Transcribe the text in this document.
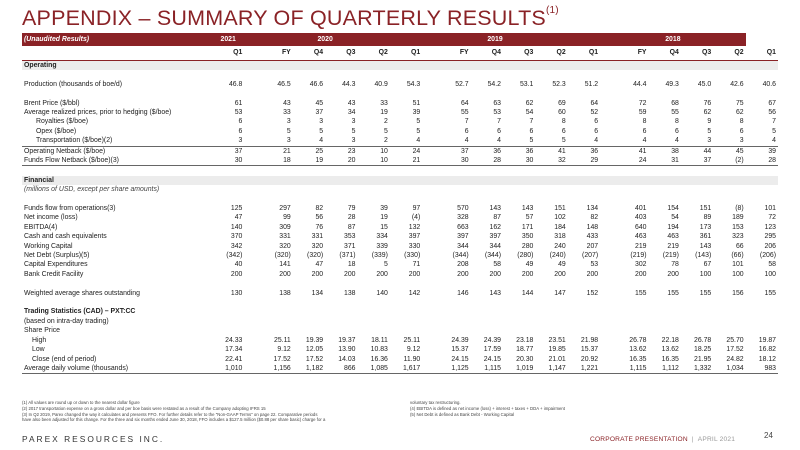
APPENDIX – SUMMARY OF QUARTERLY RESULTS$^{(1)}$
(Unaudited Results)	2021		2020					2019						2018					
	Q1		FY	Q4	Q3	Q2	Q1		FY	Q4	Q3	Q2	Q1		FY	Q4	Q3	Q2	Q1
Operating																			

Production (thousands of boe/d)	46.8		46.5	46.6	44.3	40.9	54.3		52.7	54.2	53.1	52.3	51.2		44.4	49.3	45.0	42.6	40.6

Brent Price ($/bbl)	61		43	45	43	33	51		64	63	62	69	64		72	68	76	75	67
Average realized prices, prior to hedging ($/boe)	53		33	37	34	19	39		55	53	54	60	52		59	55	62	62	56
Royalties ($/boe)	6		3	3	3	2	5		7	7	7	8	6		8	8	9	8	7
Opex ($/boe)	6		5	5	5	5	5		6	6	6	6	6		6	6	5	6	5
Transportation ($/boe)(2)	3		3	4	3	2	4		4	4	5	5	4		4	4	3	3	4
Operating Netback ($/boe)	37		21	25	23	10	24		37	36	36	41	36		41	38	44	45	39
Funds Flow Netback ($/boe)(3)	30		18	19	20	10	21		30	28	30	32	29		24	31	37	(2)	28

Financial																			
(millions of USD, except per share amounts)																			

Funds flow from operations(3)	125		297	82	79	39	97		570	143	143	151	134		401	154	151	(8)	101
Net income (loss)	47		99	56	28	19	(4)		328	87	57	102	82		403	54	89	189	72
EBITDA(4)	140		309	76	87	15	132		663	162	171	184	148		640	194	173	153	123
Cash and cash equivalents	370		331	331	353	334	397		397	397	350	318	433		463	463	361	323	295
Working Capital	342		320	320	371	339	330		344	344	280	240	207		219	219	143	66	206
Net Debt (Surplus)(5)	(342)		(320)	(320)	(371)	(339)	(330)		(344)	(344)	(280)	(240)	(207)		(219)	(219)	(143)	(66)	(206)
Capital Expenditures	40		141	47	18	5	71		208	58	49	49	53		302	78	67	101	58
Bank Credit Facility	200		200	200	200	200	200		200	200	200	200	200		200	200	100	100	100

Weighted average shares outstanding	130		138	134	138	140	142		146	143	144	147	152		155	155	155	156	155

Trading Statistics (CAD) – PXT:CC																			
(based on intra-day trading)																			
Share Price																			
High	24.33		25.11	19.39	19.37	18.11	25.11		24.39	24.39	23.18	23.51	21.98		26.78	22.18	26.78	25.70	19.87
Low	17.34		9.12	12.05	13.90	10.83	9.12		15.37	17.59	18.77	19.85	15.37		13.62	13.62	18.25	17.52	16.82
Close (end of period)	22.41		17.52	17.52	14.03	16.36	11.90		24.15	24.15	20.30	21.01	20.92		16.35	16.35	21.95	24.82	18.12
Average daily volume (thousands)	1,010		1,156	1,182	866	1,085	1,617		1,125	1,115	1,019	1,147	1,221		1,115	1,112	1,332	1,034	983
(1) All values are round up or down to the nearest dollar figure
(2) 2017 transportation expense on a gross dollar and per boe basis were restated as a result of the Company adopting IFRS 15
(3) In Q2 2019, Parex changed the way it calculates and presents FFO. For further details refer to the "Non-GAAP Terms" on page 22. Comparative periods
have also been adjusted for this change. For the three and six months ended June 30, 2018, FFO includes a $127.5 million ($0.88 per share basic) charge for a
voluntary tax restructuring.
(4) EBITDA is defined as net income (loss) + interest + taxes + DDA + impairment
(5) Net Debt is defined as Bank Debt - Working Capital
PAREX RESOURCES INC.	CORPORATE PRESENTATION | APRIL 2021	24
